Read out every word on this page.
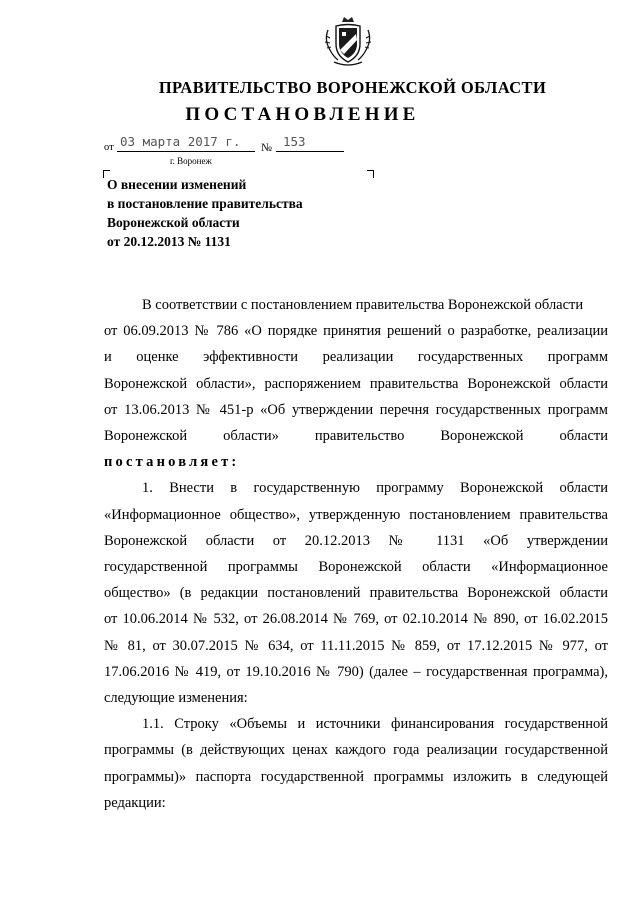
ПРАВИТЕЛЬСТВО ВОРОНЕЖСКОЙ ОБЛАСТИ
ПОСТАНОВЛЕНИЕ
от 03 марта 2017 г. № 153
г. Воронеж
О внесении изменений
в постановление правительства
Воронежской области
от 20.12.2013 № 1131
В соответствии с постановлением правительства Воронежской области
от 06.09.2013 № 786 «О порядке принятия решений о разработке, реализации
и оценке эффективности реализации государственных программ
Воронежской области», распоряжением правительства Воронежской области
от 13.06.2013 № 451-р «Об утверждении перечня государственных программ
Воронежской области» правительство Воронежской области
постановляет:
1. Внести в государственную программу Воронежской области
«Информационное общество», утвержденную постановлением правительства
Воронежской области от 20.12.2013 № 1131 «Об утверждении
государственной программы Воронежской области «Информационное
общество» (в редакции постановлений правительства Воронежской области
от 10.06.2014 № 532, от 26.08.2014 № 769, от 02.10.2014 № 890, от 16.02.2015
№ 81, от 30.07.2015 № 634, от 11.11.2015 № 859, от 17.12.2015 № 977, от
17.06.2016 № 419, от 19.10.2016 № 790) (далее – государственная программа),
следующие изменения:
1.1. Строку «Объемы и источники финансирования государственной
программы (в действующих ценах каждого года реализации государственной
программы)» паспорта государственной программы изложить в следующей
редакции:
